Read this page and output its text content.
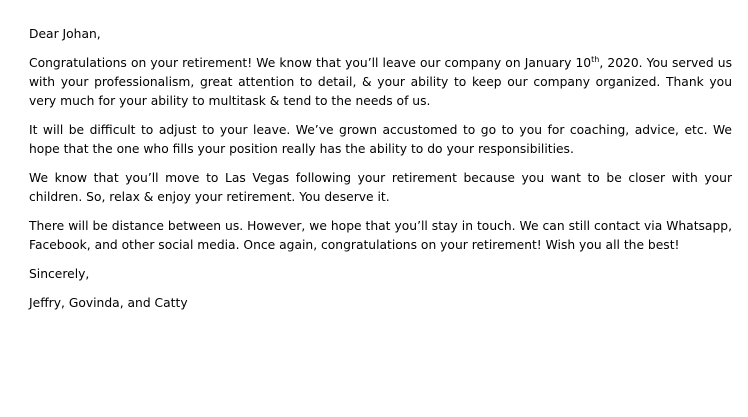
Dear Johan,

Congratulations on your retirement! We know that you’ll leave our company on January 10th, 2020. You served us with your professionalism, great attention to detail, & your ability to keep our company organized. Thank you very much for your ability to multitask & tend to the needs of us.

It will be difficult to adjust to your leave. We’ve grown accustomed to go to you for coaching, advice, etc. We hope that the one who fills your position really has the ability to do your responsibilities.

We know that you’ll move to Las Vegas following your retirement because you want to be closer with your children. So, relax & enjoy your retirement. You deserve it.

There will be distance between us. However, we hope that you’ll stay in touch. We can still contact via Whatsapp, Facebook, and other social media. Once again, congratulations on your retirement! Wish you all the best!

Sincerely,

Jeffry, Govinda, and Catty
